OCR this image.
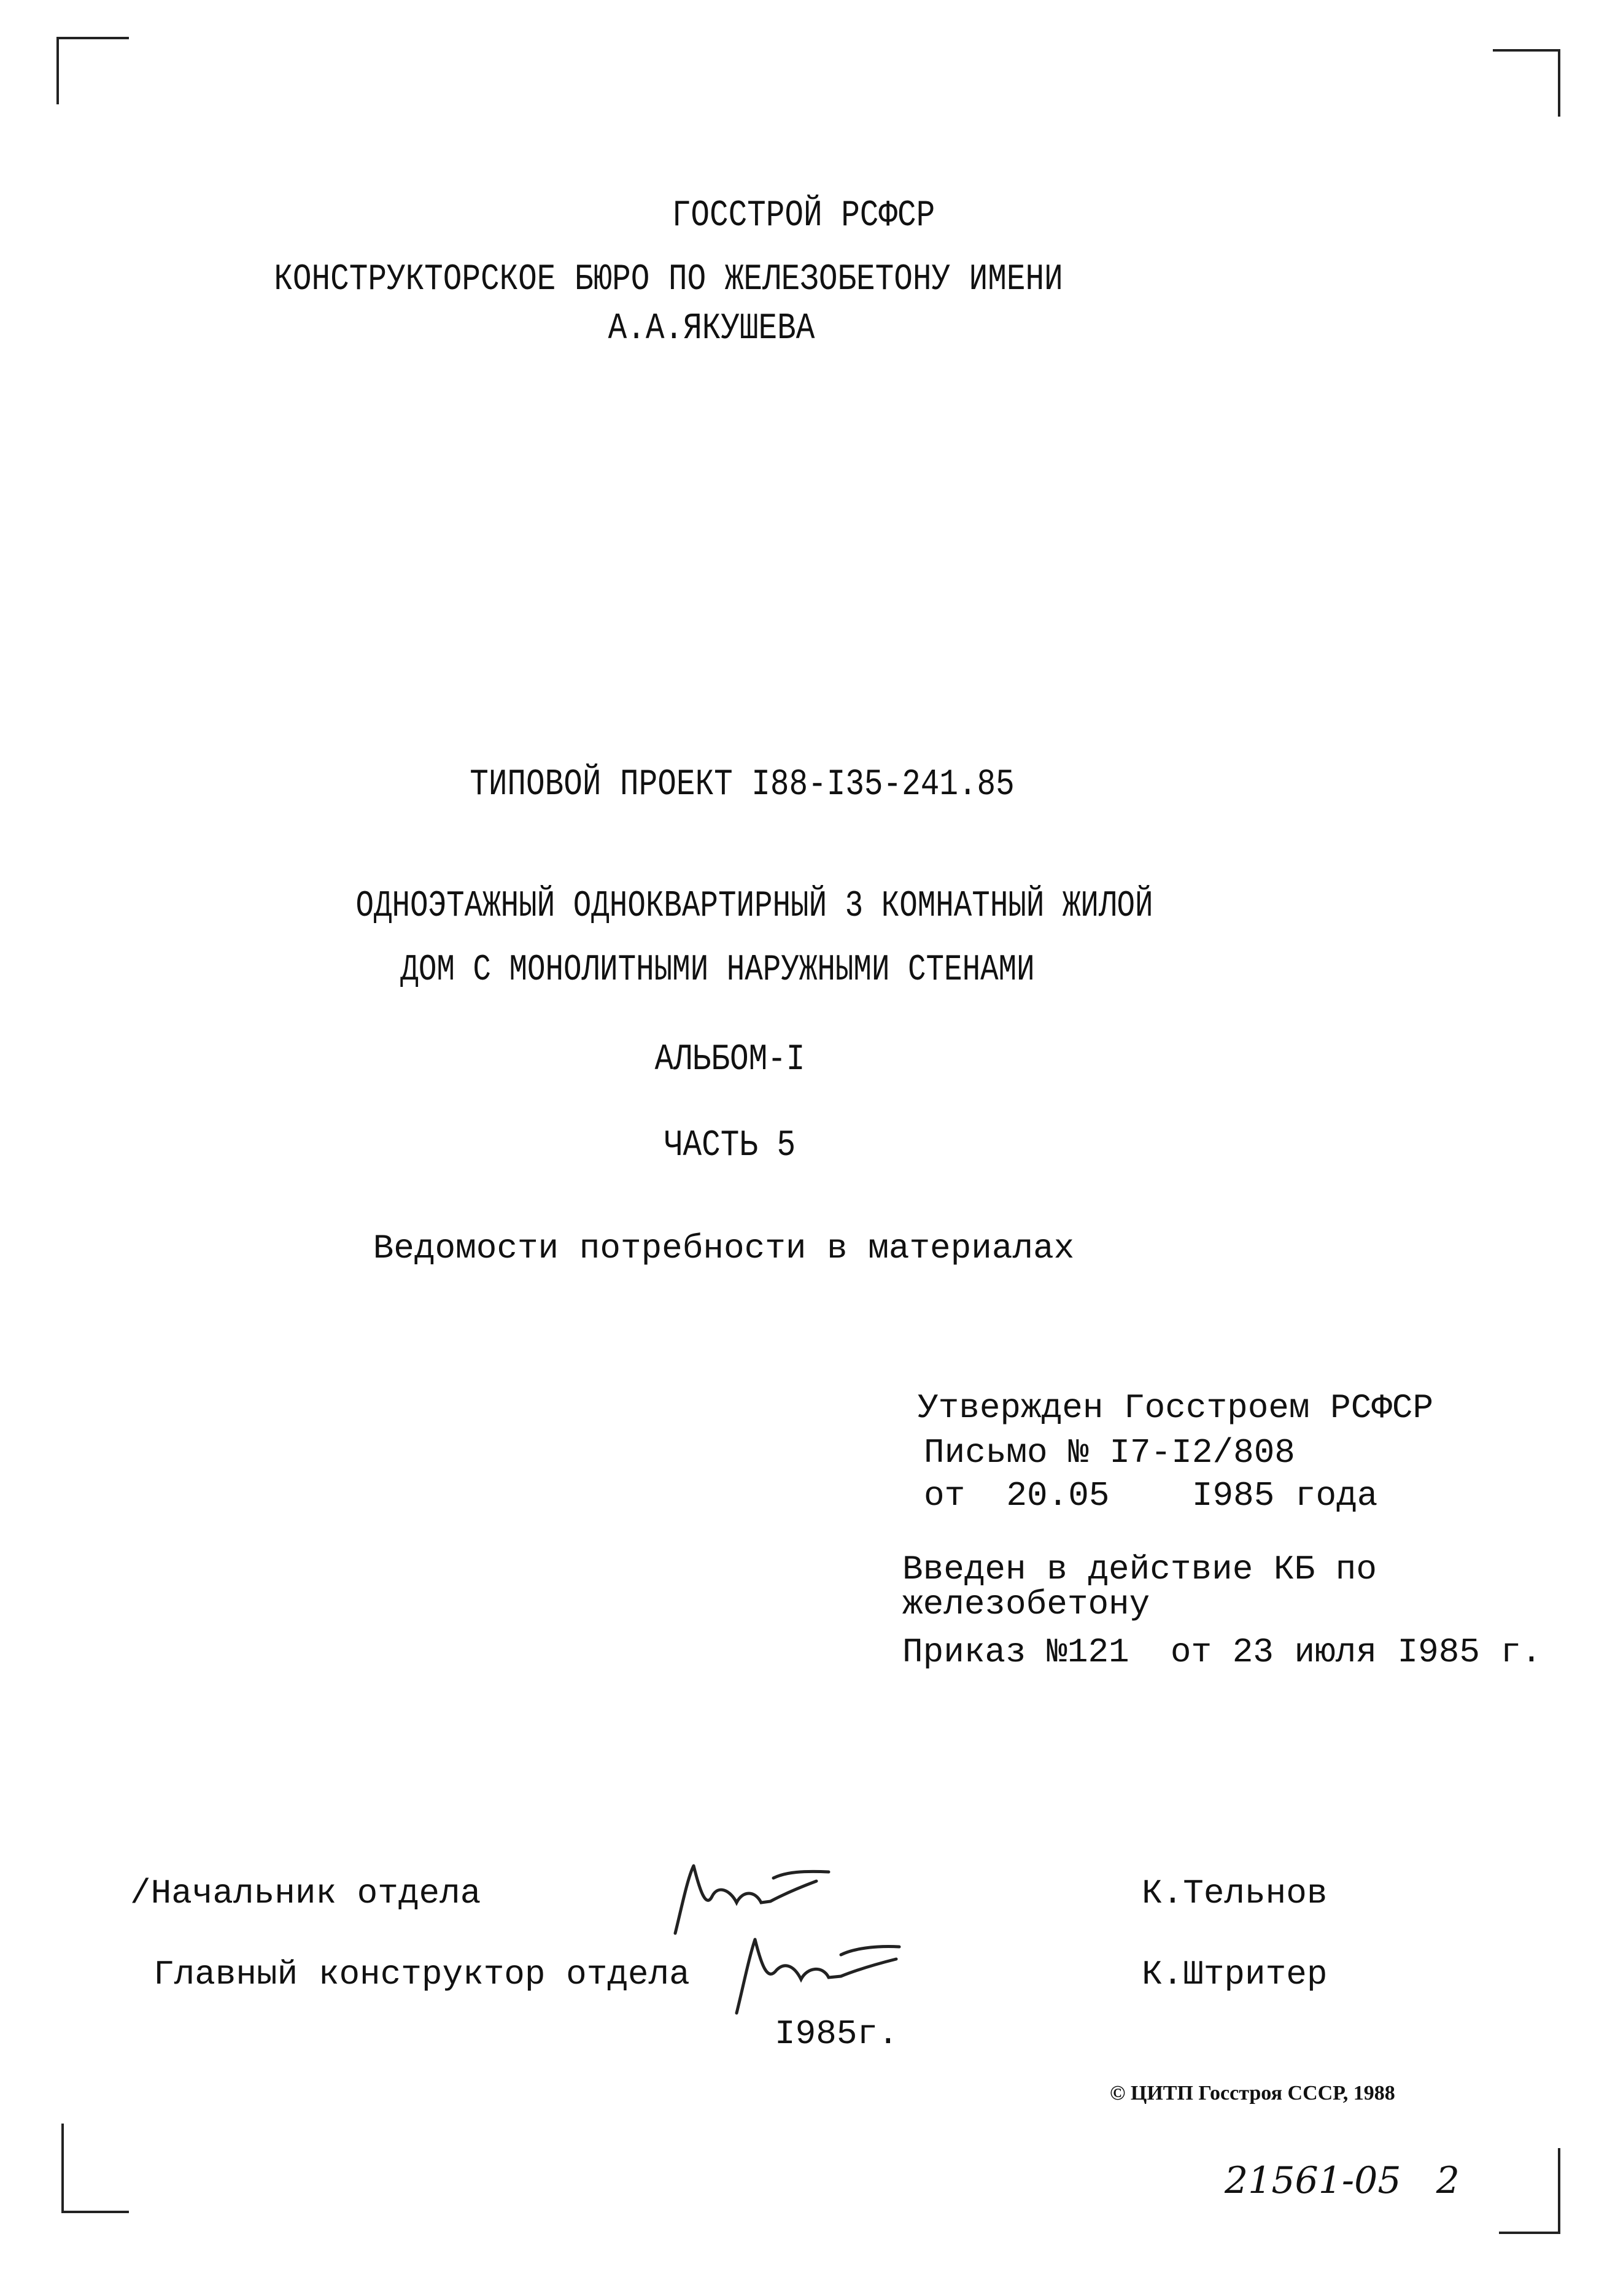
ГОССТРОЙ РСФСР
КОНСТРУКТОРСКОЕ БЮРО ПО ЖЕЛЕЗОБЕТОНУ ИМЕНИ
А.А.ЯКУШЕВА
ТИПОВОЙ ПРОЕКТ I88-I35-241.85
ОДНОЭТАЖНЫЙ ОДНОКВАРТИРНЫЙ 3 КОМНАТНЫЙ ЖИЛОЙ
ДОМ С МОНОЛИТНЫМИ НАРУЖНЫМИ СТЕНАМИ
АЛЬБОМ-I
ЧАСТЬ 5
Ведомости потребности в материалах
Утвержден Госстроем РСФСР
Письмо № I7-I2/808
от  20.05    I985 года
Введен в действие КБ по
железобетону
Приказ №121  от 23 июля I985 г.
/Начальник отдела	К.Тельнов
Главный конструктор отдела	К.Штритер
I985г.
© ЦИТП Госстроя СССР, 1988
21561-05   2
